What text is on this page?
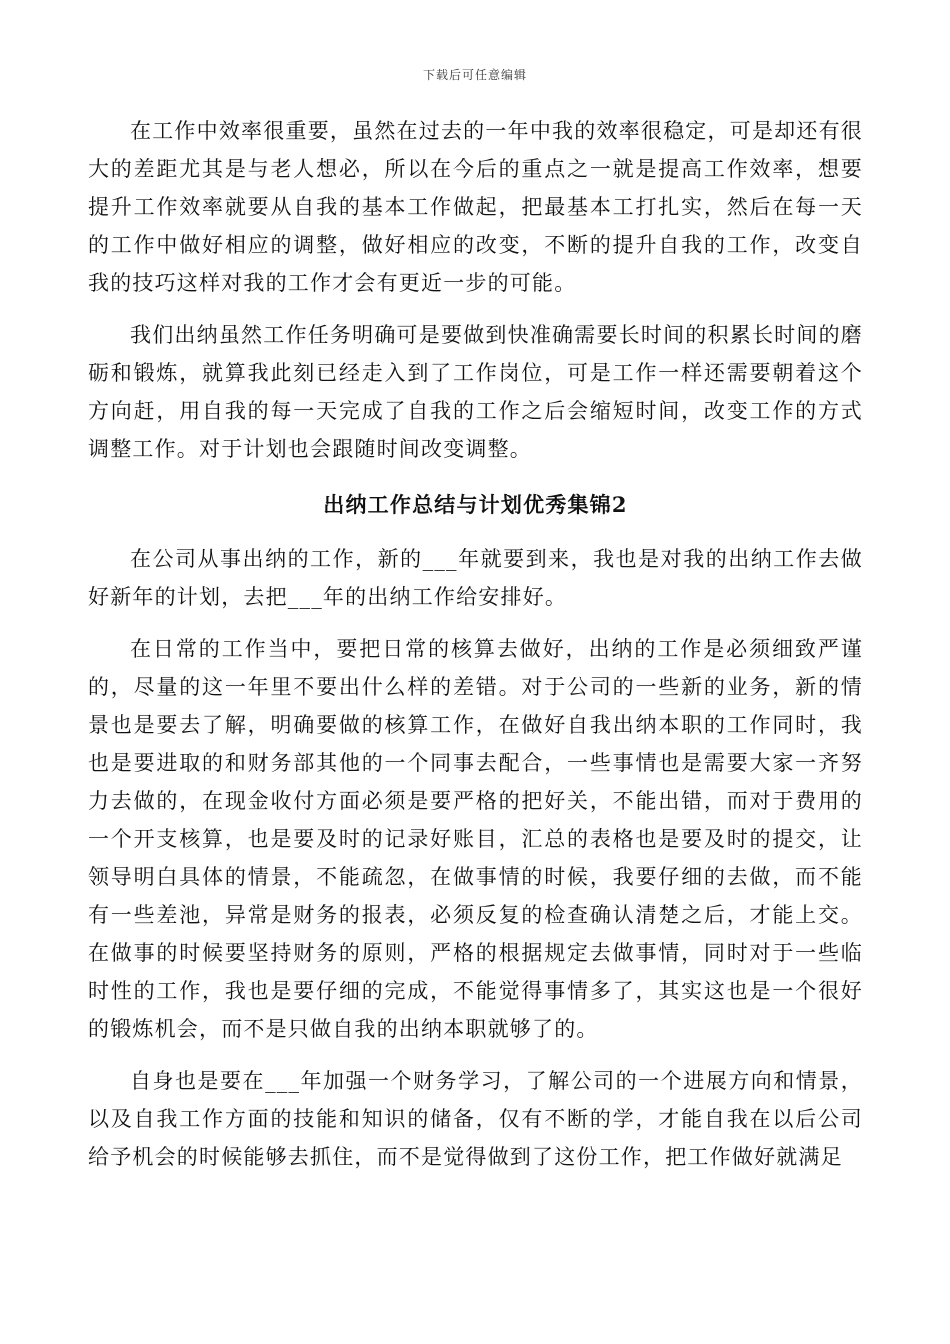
下载后可任意编辑

在工作中效率很重要，虽然在过去的一年中我的效率很稳定，可是却还有很大的差距尤其是与老人想必，所以在今后的重点之一就是提高工作效率，想要提升工作效率就要从自我的基本工作做起，把最基本工打扎实，然后在每一天的工作中做好相应的调整，做好相应的改变，不断的提升自我的工作，改变自我的技巧这样对我的工作才会有更近一步的可能。

我们出纳虽然工作任务明确可是要做到快准确需要长时间的积累长时间的磨砺和锻炼，就算我此刻已经走入到了工作岗位，可是工作一样还需要朝着这个方向赶，用自我的每一天完成了自我的工作之后会缩短时间，改变工作的方式调整工作。对于计划也会跟随时间改变调整。

出纳工作总结与计划优秀集锦2

在公司从事出纳的工作，新的___年就要到来，我也是对我的出纳工作去做好新年的计划，去把___年的出纳工作给安排好。

在日常的工作当中，要把日常的核算去做好，出纳的工作是必须细致严谨的，尽量的这一年里不要出什么样的差错。对于公司的一些新的业务，新的情景也是要去了解，明确要做的核算工作，在做好自我出纳本职的工作同时，我也是要进取的和财务部其他的一个同事去配合，一些事情也是需要大家一齐努力去做的，在现金收付方面必须是要严格的把好关，不能出错，而对于费用的一个开支核算，也是要及时的记录好账目，汇总的表格也是要及时的提交，让领导明白具体的情景，不能疏忽，在做事情的时候，我要仔细的去做，而不能有一些差池，异常是财务的报表，必须反复的检查确认清楚之后，才能上交。在做事的时候要坚持财务的原则，严格的根据规定去做事情，同时对于一些临时性的工作，我也是要仔细的完成，不能觉得事情多了，其实这也是一个很好的锻炼机会，而不是只做自我的出纳本职就够了的。

自身也是要在___年加强一个财务学习，了解公司的一个进展方向和情景，以及自我工作方面的技能和知识的储备，仅有不断的学，才能自我在以后公司给予机会的时候能够去抓住，而不是觉得做到了这份工作，把工作做好就满足
